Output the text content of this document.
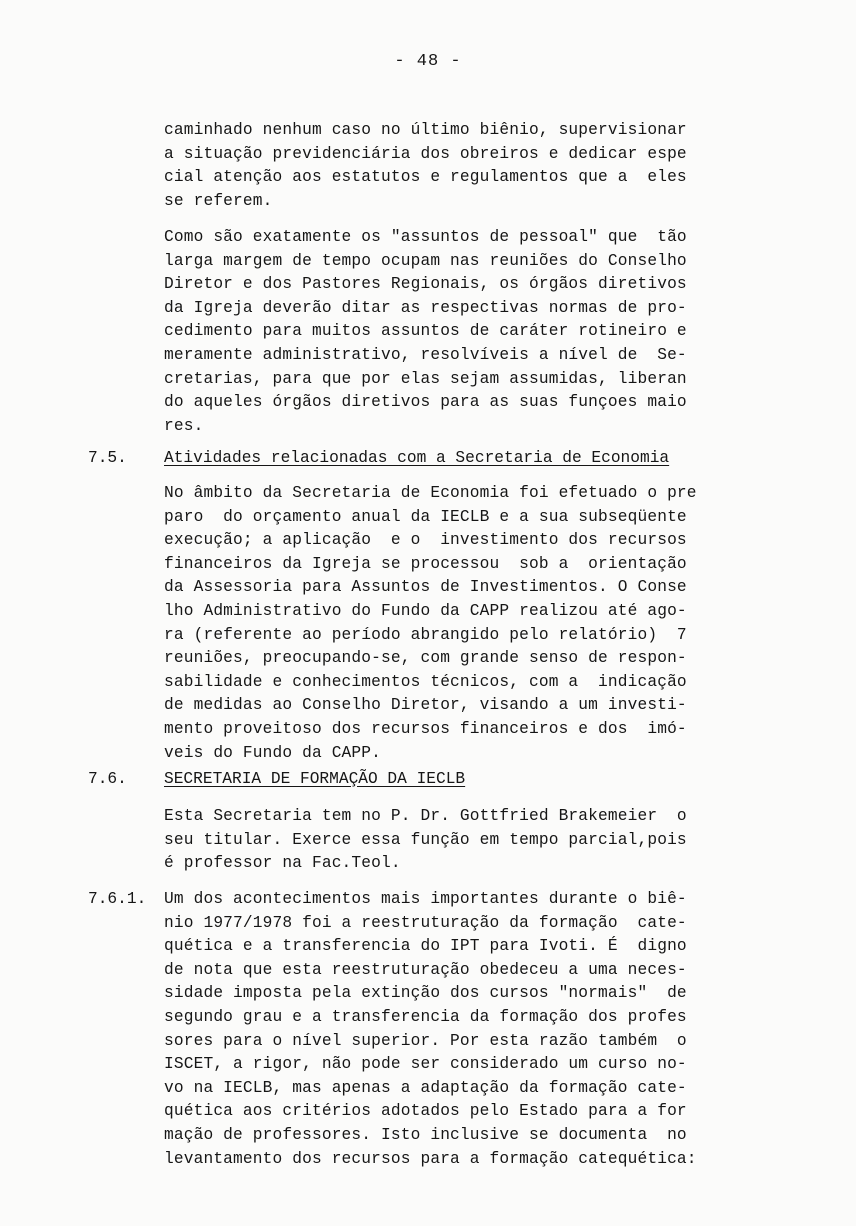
- 48 -
caminhado nenhum caso no último biênio, supervisionar
a situação previdenciária dos obreiros e dedicar espe
cial atenção aos estatutos e regulamentos que a  eles
se referem.
Como são exatamente os "assuntos de pessoal" que  tão
larga margem de tempo ocupam nas reuniões do Conselho
Diretor e dos Pastores Regionais, os órgãos diretivos
da Igreja deverão ditar as respectivas normas de pro-
cedimento para muitos assuntos de caráter rotineiro e
meramente administrativo, resolvíveis a nível de  Se-
cretarias, para que por elas sejam assumidas, liberan
do aqueles órgãos diretivos para as suas funçoes maio
res.
7.5. Atividades relacionadas com a Secretaria de Economia
No âmbito da Secretaria de Economia foi efetuado o pre
paro  do orçamento anual da IECLB e a sua subseqüente
execução; a aplicação  e o  investimento dos recursos
financeiros da Igreja se processou  sob a  orientação
da Assessoria para Assuntos de Investimentos. O Conse
lho Administrativo do Fundo da CAPP realizou até ago-
ra (referente ao período abrangido pelo relatório)  7
reuniões, preocupando-se, com grande senso de respon-
sabilidade e conhecimentos técnicos, com a  indicação
de medidas ao Conselho Diretor, visando a um investi-
mento proveitoso dos recursos financeiros e dos  imó-
veis do Fundo da CAPP.
7.6. SECRETARIA DE FORMAÇÃO DA IECLB
Esta Secretaria tem no P. Dr. Gottfried Brakemeier  o
seu titular. Exerce essa função em tempo parcial,pois
é professor na Fac.Teol.
7.6.1. Um dos acontecimentos mais importantes durante o biê-
nio 1977/1978 foi a reestruturação da formação  cate-
quética e a transferencia do IPT para Ivoti. É  digno
de nota que esta reestruturação obedeceu a uma neces-
sidade imposta pela extinção dos cursos "normais"  de
segundo grau e a transferencia da formação dos profes
sores para o nível superior. Por esta razão também  o
ISCET, a rigor, não pode ser considerado um curso no-
vo na IECLB, mas apenas a adaptação da formação cate-
quética aos critérios adotados pelo Estado para a for
mação de professores. Isto inclusive se documenta  no
levantamento dos recursos para a formação catequética:
